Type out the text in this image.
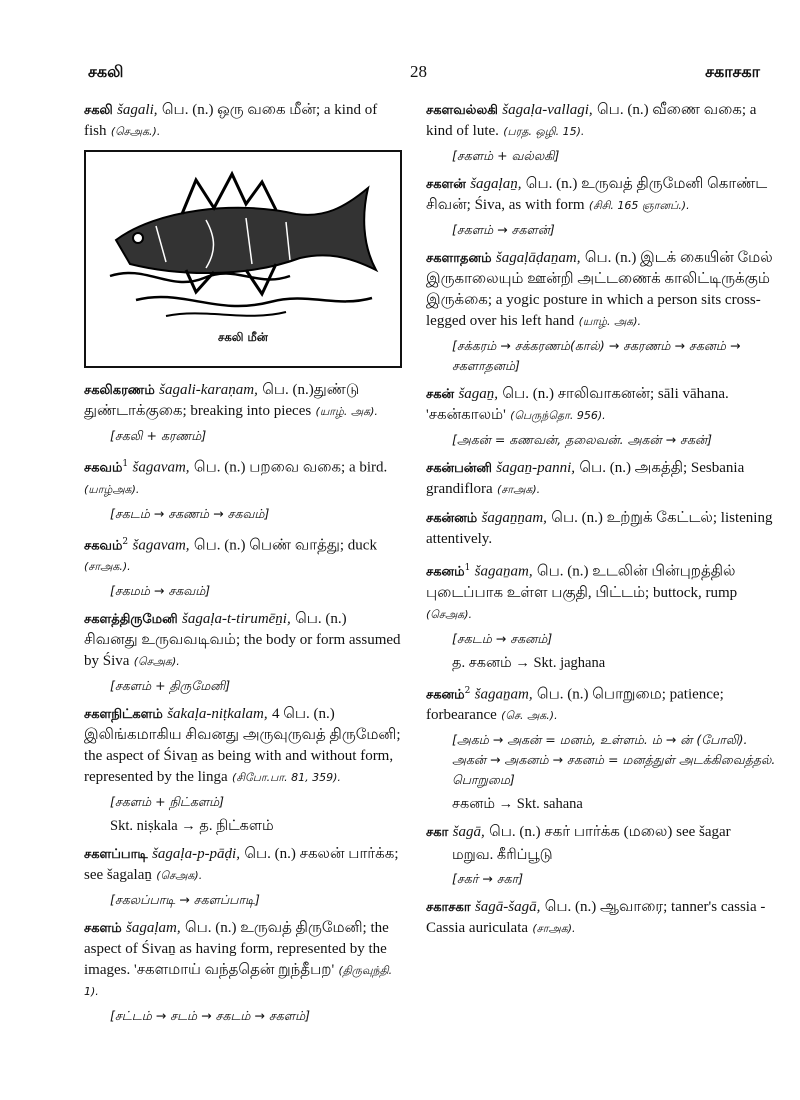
சகலி	28	சகாசகா

சகலி šagali, பெ. (n.) ஒரு வகை மீன்; a kind of fish (செஅக.).

சகலி மீன்

சகலிகரணம் šagali-karaṇam, பெ. (n.)துண்டு துண்டாக்குகை; breaking into pieces (யாழ். அக).

[சகலி + கரணம்]

சகவம்$^1$ šagavam, பெ. (n.) பறவை வகை; a bird. (யாழ்அக).

[சகடம் → சகணம் → சகவம்]

சகவம்$^2$ šagavam, பெ. (n.) பெண் வாத்து; duck (சாஅக.).

[சகமம் → சகவம்]

சகளத்திருமேனி šagaḷa-t-tirumēṉi, பெ. (n.) சிவனது உருவவடிவம்; the body or form assumed by Śiva (செஅக).

[சகளம் + திருமேனி]

சகளநிட்களம் šakaḷa-niṭkalam, 4 பெ. (n.) இலிங்கமாகிய சிவனது அருவுருவத் திருமேனி; the aspect of Śivaṉ as being with and without form, represented by the linga (சிபோ.பா. 81, 359).

[சகளம் + நிட்களம்]
Skt. niṣkala → த. நிட்களம்

சகளப்பாடி šagaḷa-p-pāḍi, பெ. (n.) சகலன் பார்க்க; see šagalaṉ (செஅக).

[சகலப்பாடி → சகளப்பாடி]

சகளம் šagaḷam, பெ. (n.) உருவத் திருமேனி; the aspect of Śivaṉ as having form, represented by the images. 'சகளமாய் வந்ததென் றுந்தீபற' (திருவுந்தி. 1).

[சட்டம் → சடம் → சகடம் → சகளம்]

சகளவல்லகி šagaḷa-vallagi, பெ. (n.) வீணை வகை; a kind of lute. (பரத. ஒழி. 15).

[சகளம் + வல்லகி]

சகளன் šagaḷaṉ, பெ. (n.) உருவத் திருமேனி கொண்ட சிவன்; Śiva, as with form (சிசி. 165 ஞானப்.).

[சகளம் → சகளன்]

சகளாதனம் šagaḷāḍaṉam, பெ. (n.) இடக் கையின் மேல் இருகாலையும் ஊன்றி அட்டணைக் காலிட்டிருக்கும் இருக்கை; a yogic posture in which a person sits cross-legged over his left hand (யாழ். அக).

[சக்கரம் → சக்கரணம்(கால்) → சகரணம் → சகனம் → சகளாதனம்]

சகன் šagaṉ, பெ. (n.) சாலிவாகனன்; sāli vāhana. 'சகன்காலம்' (பெருந்தொ. 956).

[அகன் = கணவன், தலைவன். அகன் → சகன்]

சகன்பன்னி šagaṉ-panni, பெ. (n.) அகத்தி; Sesbania grandiflora (சாஅக).

சகன்னம் šagaṉṉam, பெ. (n.) உற்றுக் கேட்டல்; listening attentively.

சகனம்$^1$ šagaṉam, பெ. (n.) உடலின் பின்புறத்தில் புடைப்பாக உள்ள பகுதி, பிட்டம்; buttock, rump (செஅக).

[சகடம் → சகனம்]
த. சகனம் → Skt. jaghana

சகனம்$^2$ šagaṉam, பெ. (n.) பொறுமை; patience; forbearance (செ. அக.).

[அகம் → அகன் = மனம், உள்ளம். ம் → ன் (போலி). அகன் → அகனம் → சகனம் = மனத்துள் அடக்கிவைத்தல். பொறுமை]
சகனம் → Skt. sahana

சகா šagā, பெ. (n.) சகர் பார்க்க (மலை) see šagar

மறுவ. கீரிப்பூடு
[சகர் → சகா]

சகாசகா šagā-šagā, பெ. (n.) ஆவாரை; tanner's cassia - Cassia auriculata (சாஅக).
